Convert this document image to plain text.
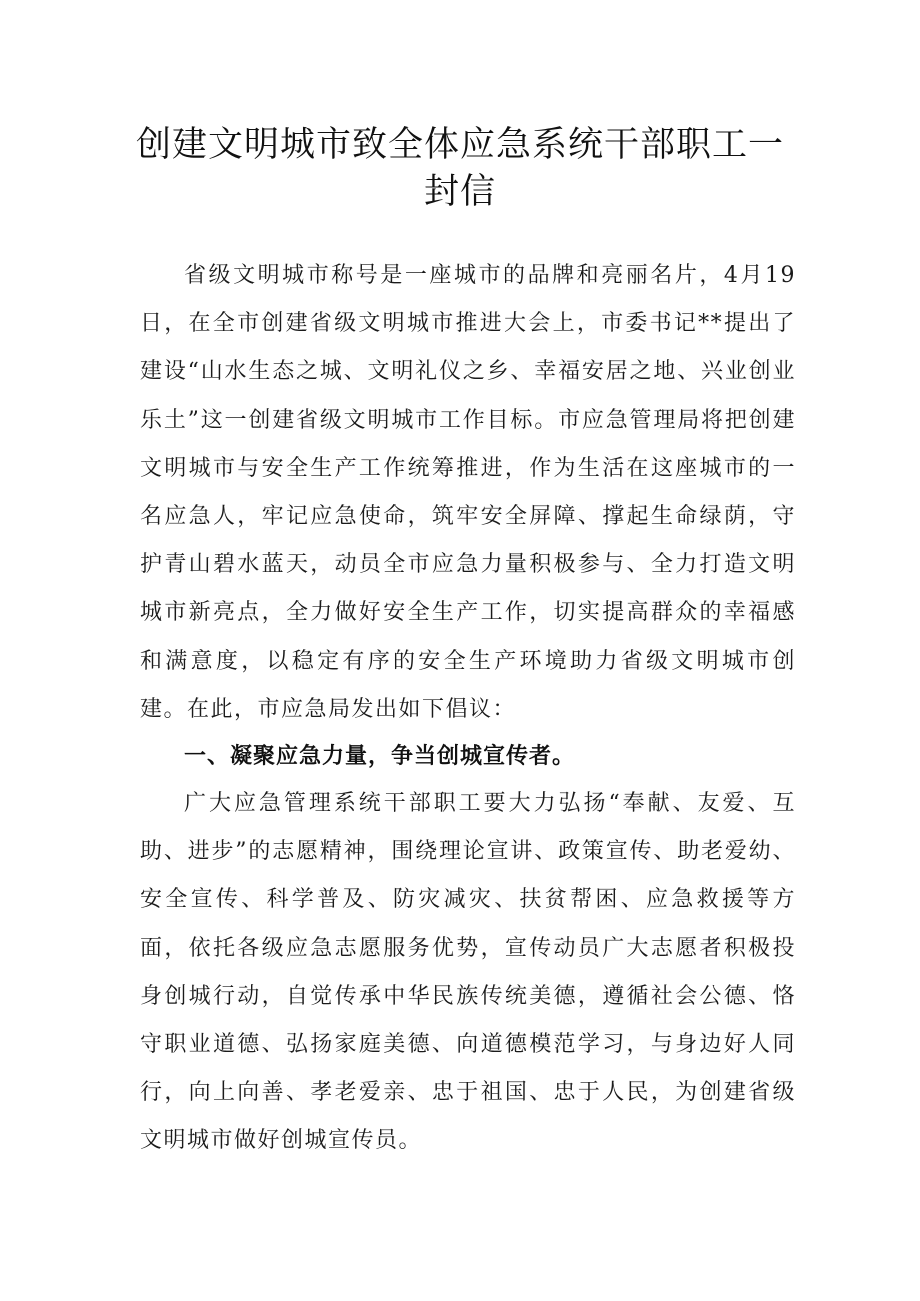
创建文明城市致全体应急系统干部职工一封信

省级文明城市称号是一座城市的品牌和亮丽名片，4月19日，在全市创建省级文明城市推进大会上，市委书记**提出了建设“山水生态之城、文明礼仪之乡、幸福安居之地、兴业创业乐土”这一创建省级文明城市工作目标。市应急管理局将把创建文明城市与安全生产工作统筹推进，作为生活在这座城市的一名应急人，牢记应急使命，筑牢安全屏障、撑起生命绿荫，守护青山碧水蓝天，动员全市应急力量积极参与、全力打造文明城市新亮点，全力做好安全生产工作，切实提高群众的幸福感和满意度，以稳定有序的安全生产环境助力省级文明城市创建。在此，市应急局发出如下倡议：

一、凝聚应急力量，争当创城宣传者。

广大应急管理系统干部职工要大力弘扬“奉献、友爱、互助、进步”的志愿精神，围绕理论宣讲、政策宣传、助老爱幼、安全宣传、科学普及、防灾减灾、扶贫帮困、应急救援等方面，依托各级应急志愿服务优势，宣传动员广大志愿者积极投身创城行动，自觉传承中华民族传统美德，遵循社会公德、恪守职业道德、弘扬家庭美德、向道德模范学习，与身边好人同行，向上向善、孝老爱亲、忠于祖国、忠于人民，为创建省级文明城市做好创城宣传员。
